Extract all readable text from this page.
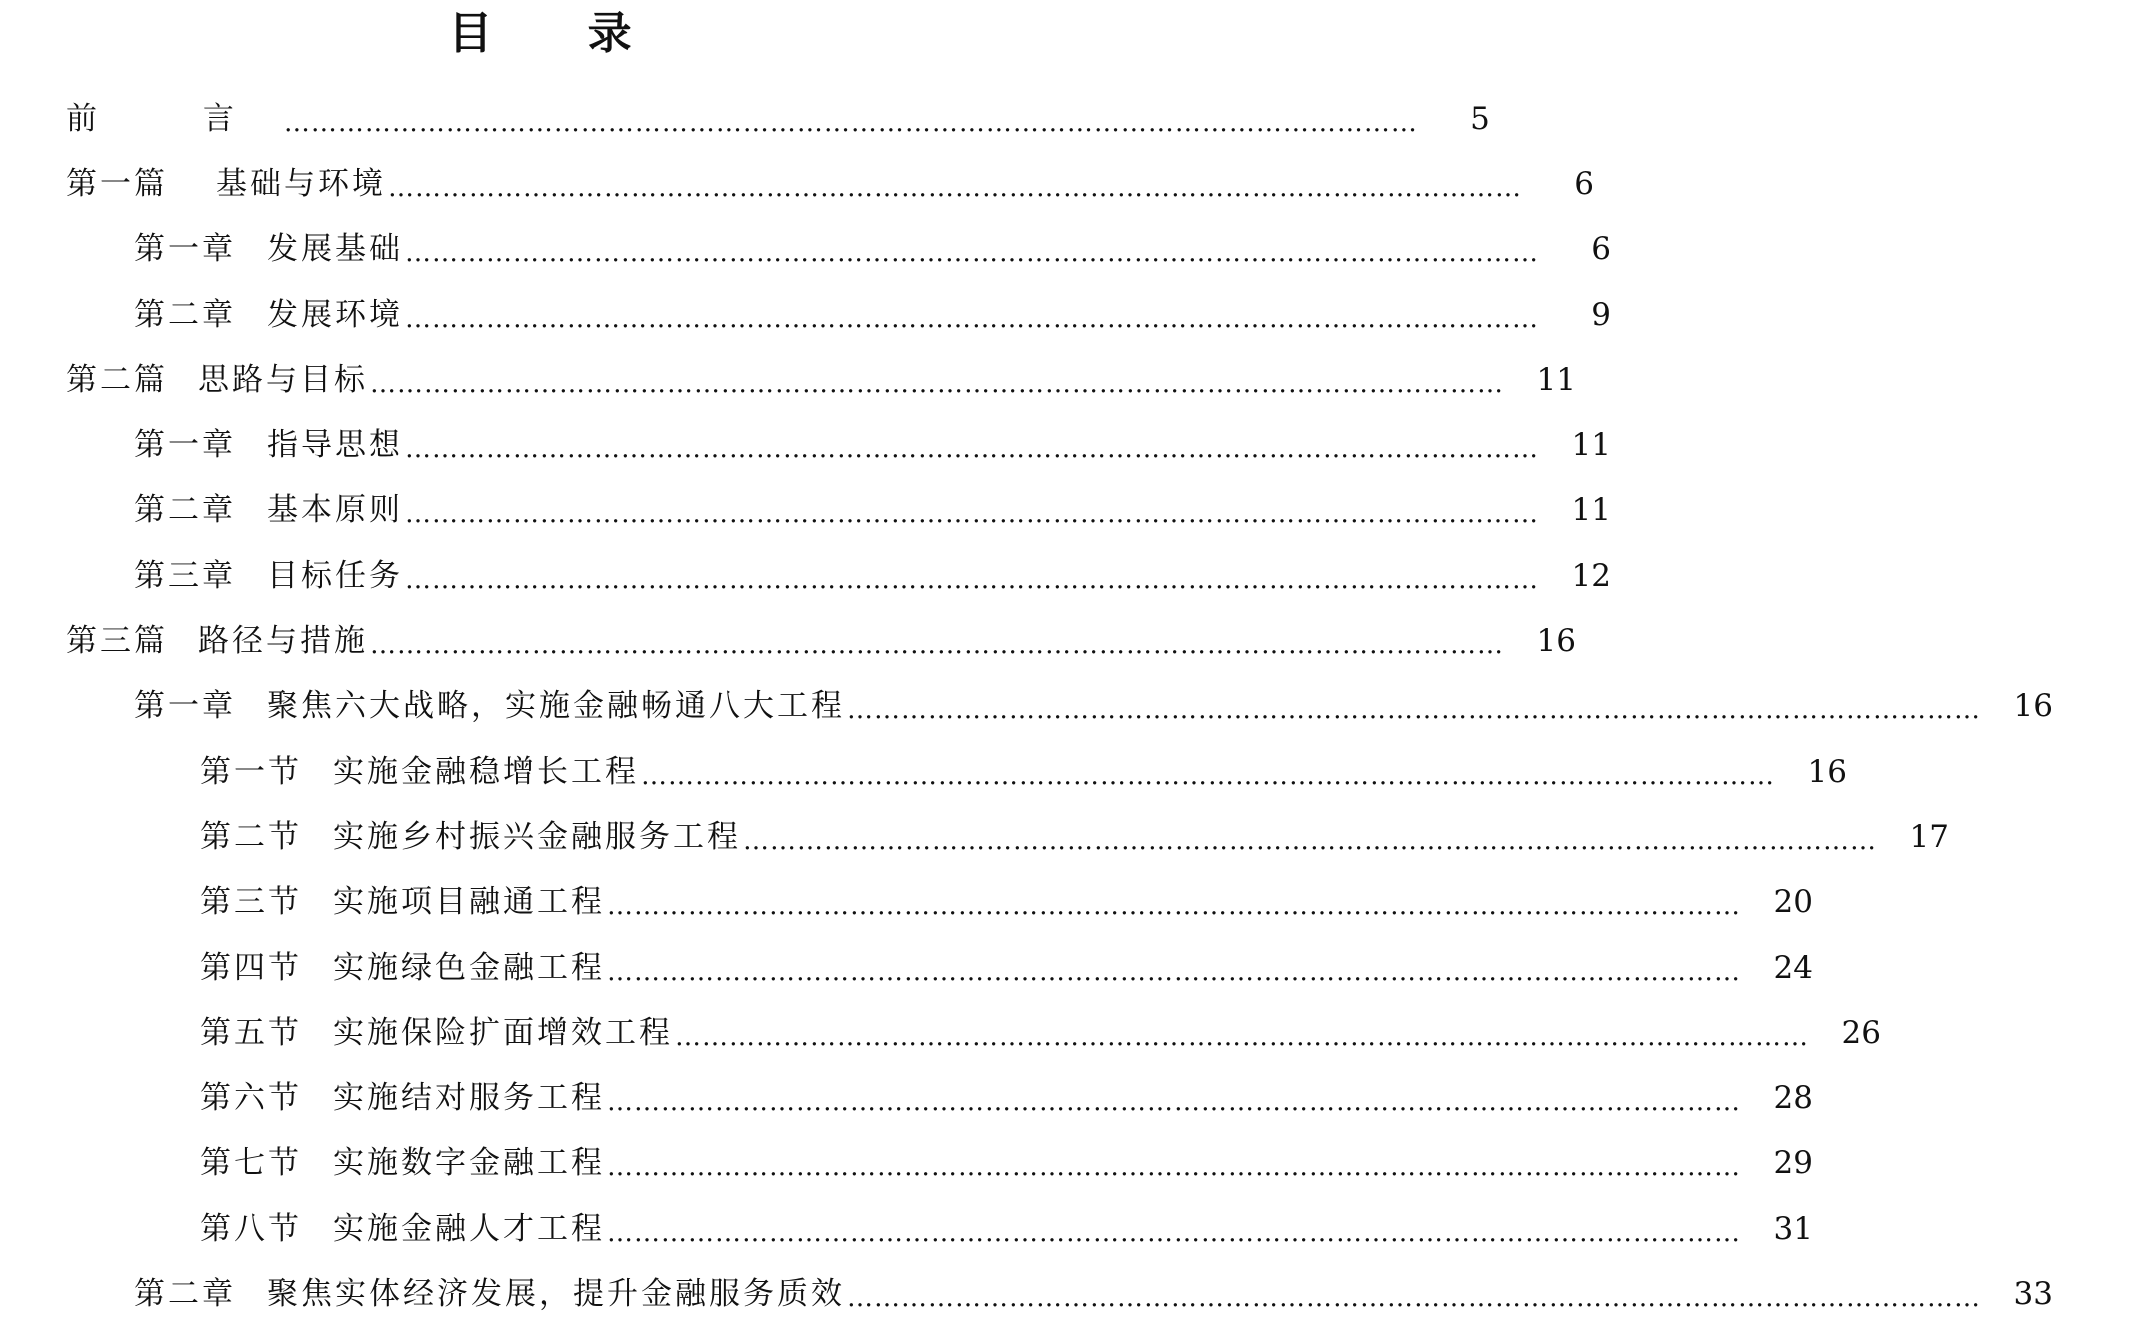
目 录
前 言 ………………………………………………………………………………………………………………	5
第一篇 基础与环境 ………………………………………………………………………………………………………………	6
第一章 发展基础 ………………………………………………………………………………………………………………	6
第二章 发展环境 ………………………………………………………………………………………………………………	9
第二篇 思路与目标 ………………………………………………………………………………………………………………	11
第一章 指导思想 ………………………………………………………………………………………………………………	11
第二章 基本原则 ………………………………………………………………………………………………………………	11
第三章 目标任务 ………………………………………………………………………………………………………………	12
第三篇 路径与措施 ………………………………………………………………………………………………………………	16
第一章 聚焦六大战略，实施金融畅通八大工程 ………………………………………………………………………………………………………………	16
第一节 实施金融稳增长工程 ………………………………………………………………………………………………………………	16
第二节 实施乡村振兴金融服务工程 ………………………………………………………………………………………………………………	17
第三节 实施项目融通工程 ………………………………………………………………………………………………………………	20
第四节 实施绿色金融工程 ………………………………………………………………………………………………………………	24
第五节 实施保险扩面增效工程 ………………………………………………………………………………………………………………	26
第六节 实施结对服务工程 ………………………………………………………………………………………………………………	28
第七节 实施数字金融工程 ………………………………………………………………………………………………………………	29
第八节 实施金融人才工程 ………………………………………………………………………………………………………………	31
第二章 聚焦实体经济发展，提升金融服务质效 ………………………………………………………………………………………………………………	33
